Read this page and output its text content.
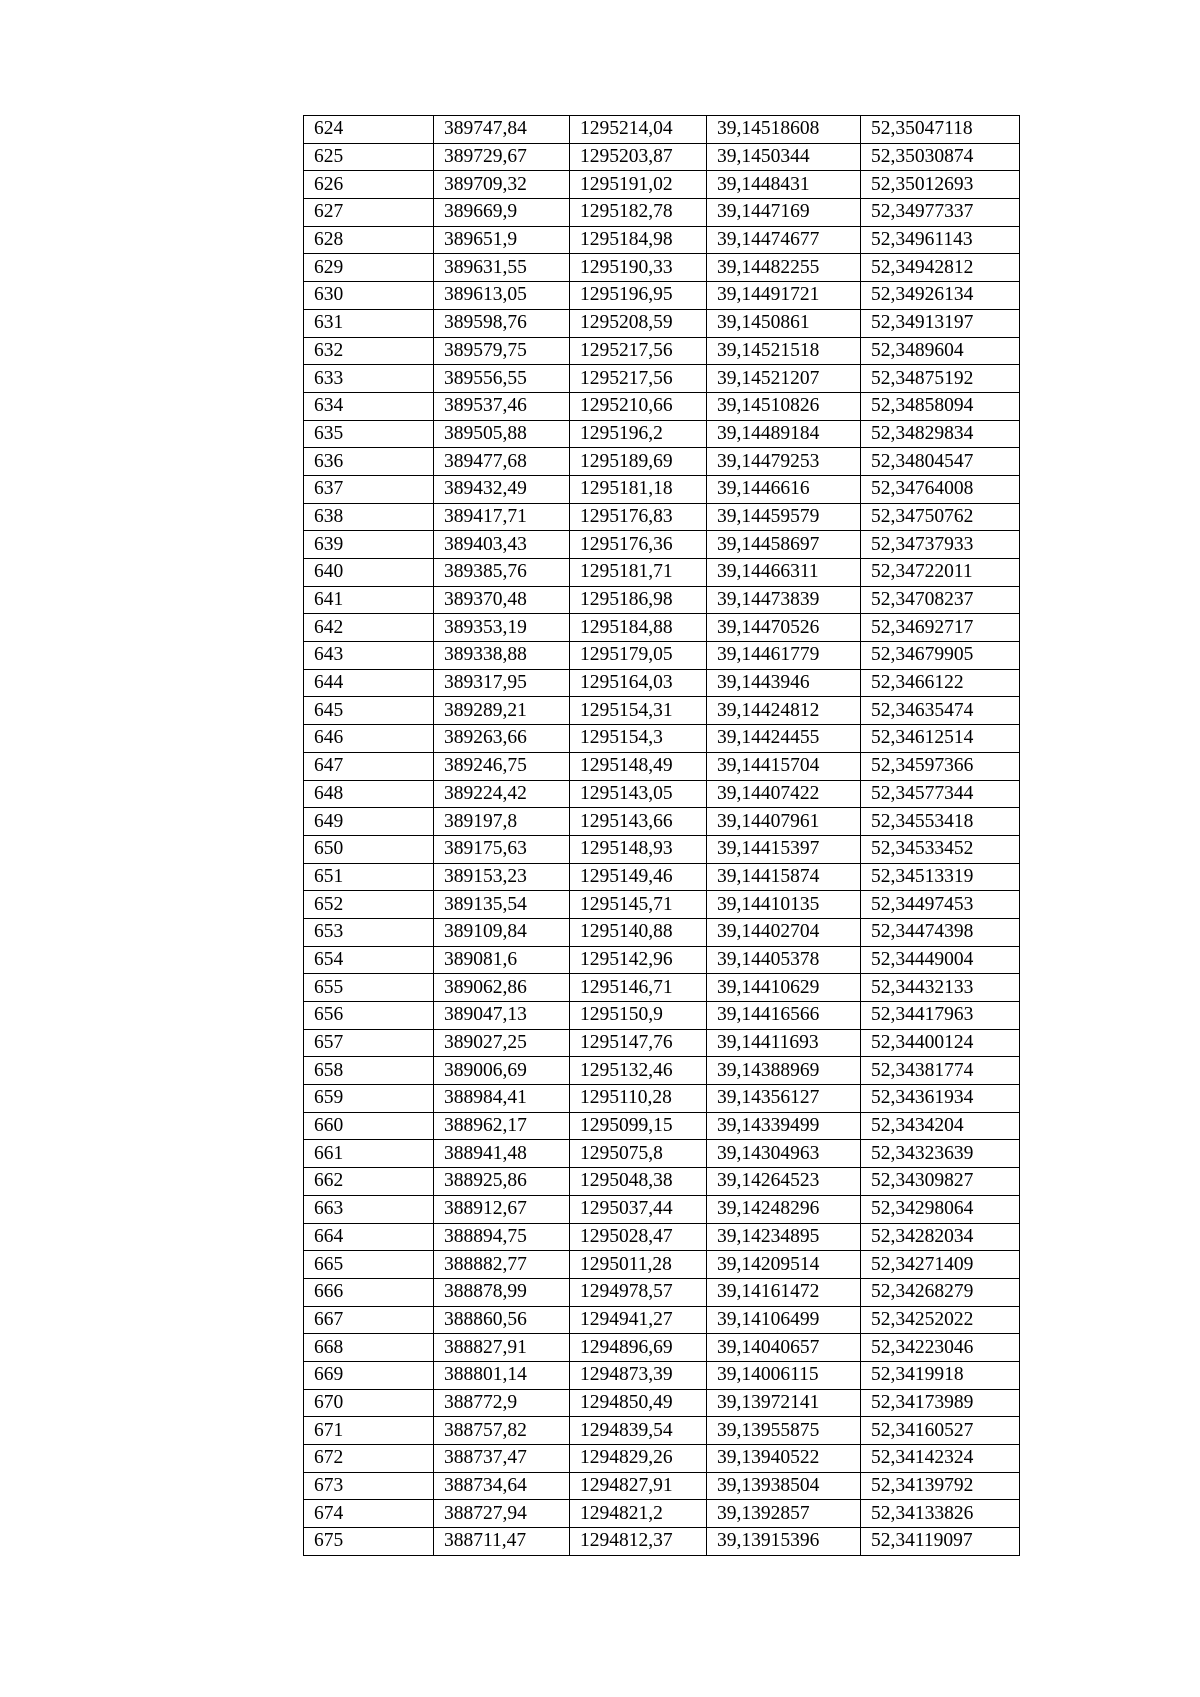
624	389747,84	1295214,04	39,14518608	52,35047118
625	389729,67	1295203,87	39,1450344	52,35030874
626	389709,32	1295191,02	39,1448431	52,35012693
627	389669,9	1295182,78	39,1447169	52,34977337
628	389651,9	1295184,98	39,14474677	52,34961143
629	389631,55	1295190,33	39,14482255	52,34942812
630	389613,05	1295196,95	39,14491721	52,34926134
631	389598,76	1295208,59	39,1450861	52,34913197
632	389579,75	1295217,56	39,14521518	52,3489604
633	389556,55	1295217,56	39,14521207	52,34875192
634	389537,46	1295210,66	39,14510826	52,34858094
635	389505,88	1295196,2	39,14489184	52,34829834
636	389477,68	1295189,69	39,14479253	52,34804547
637	389432,49	1295181,18	39,1446616	52,34764008
638	389417,71	1295176,83	39,14459579	52,34750762
639	389403,43	1295176,36	39,14458697	52,34737933
640	389385,76	1295181,71	39,14466311	52,34722011
641	389370,48	1295186,98	39,14473839	52,34708237
642	389353,19	1295184,88	39,14470526	52,34692717
643	389338,88	1295179,05	39,14461779	52,34679905
644	389317,95	1295164,03	39,1443946	52,3466122
645	389289,21	1295154,31	39,14424812	52,34635474
646	389263,66	1295154,3	39,14424455	52,34612514
647	389246,75	1295148,49	39,14415704	52,34597366
648	389224,42	1295143,05	39,14407422	52,34577344
649	389197,8	1295143,66	39,14407961	52,34553418
650	389175,63	1295148,93	39,14415397	52,34533452
651	389153,23	1295149,46	39,14415874	52,34513319
652	389135,54	1295145,71	39,14410135	52,34497453
653	389109,84	1295140,88	39,14402704	52,34474398
654	389081,6	1295142,96	39,14405378	52,34449004
655	389062,86	1295146,71	39,14410629	52,34432133
656	389047,13	1295150,9	39,14416566	52,34417963
657	389027,25	1295147,76	39,14411693	52,34400124
658	389006,69	1295132,46	39,14388969	52,34381774
659	388984,41	1295110,28	39,14356127	52,34361934
660	388962,17	1295099,15	39,14339499	52,3434204
661	388941,48	1295075,8	39,14304963	52,34323639
662	388925,86	1295048,38	39,14264523	52,34309827
663	388912,67	1295037,44	39,14248296	52,34298064
664	388894,75	1295028,47	39,14234895	52,34282034
665	388882,77	1295011,28	39,14209514	52,34271409
666	388878,99	1294978,57	39,14161472	52,34268279
667	388860,56	1294941,27	39,14106499	52,34252022
668	388827,91	1294896,69	39,14040657	52,34223046
669	388801,14	1294873,39	39,14006115	52,3419918
670	388772,9	1294850,49	39,13972141	52,34173989
671	388757,82	1294839,54	39,13955875	52,34160527
672	388737,47	1294829,26	39,13940522	52,34142324
673	388734,64	1294827,91	39,13938504	52,34139792
674	388727,94	1294821,2	39,1392857	52,34133826
675	388711,47	1294812,37	39,13915396	52,34119097
